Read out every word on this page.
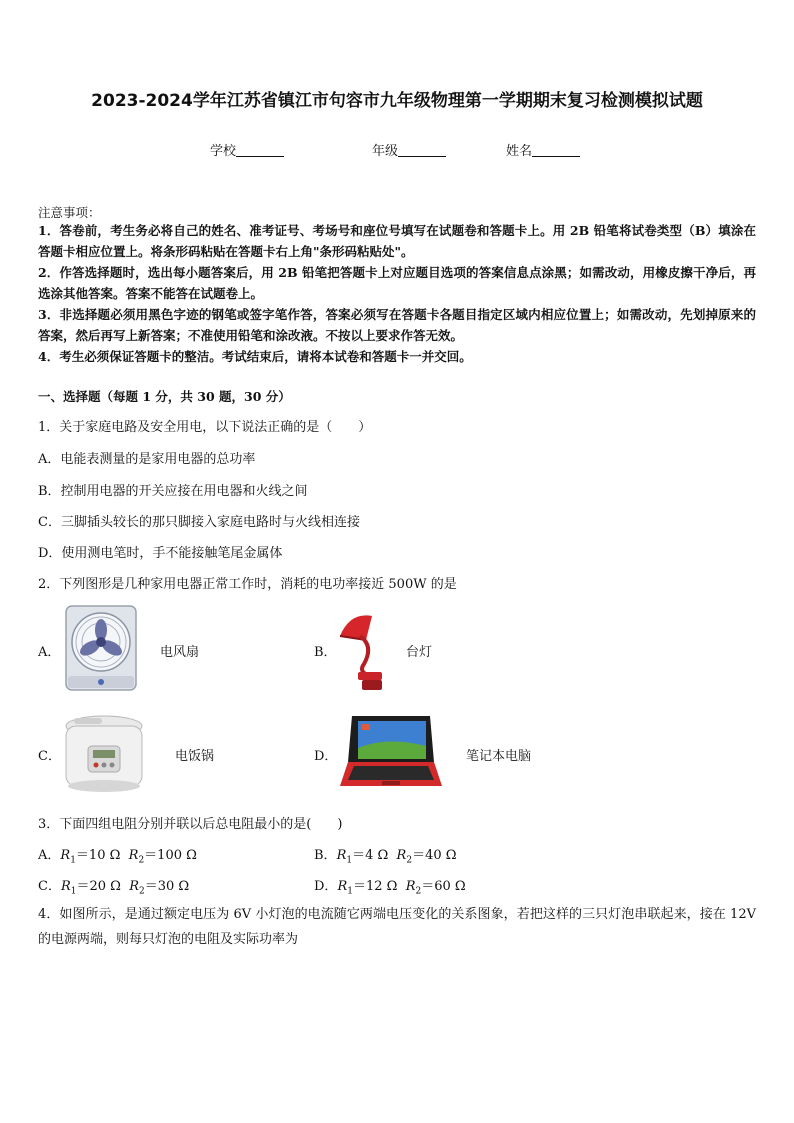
2023-2024学年江苏省镇江市句容市九年级物理第一学期期末复习检测模拟试题
学校	年级	姓名
注意事项：

1．答卷前，考生务必将自己的姓名、准考证号、考场号和座位号填写在试题卷和答题卡上。用 2B 铅笔将试卷类型（B）填涂在答题卡相应位置上。将条形码粘贴在答题卡右上角"条形码粘贴处"。

2．作答选择题时，选出每小题答案后，用 2B 铅笔把答题卡上对应题目选项的答案信息点涂黑；如需改动，用橡皮擦干净后，再选涂其他答案。答案不能答在试题卷上。

3．非选择题必须用黑色字迹的钢笔或签字笔作答，答案必须写在答题卡各题目指定区域内相应位置上；如需改动，先划掉原来的答案，然后再写上新答案；不准使用铅笔和涂改液。不按以上要求作答无效。

4．考生必须保证答题卡的整洁。考试结束后，请将本试卷和答题卡一并交回。

一、选择题（每题 1 分，共 30 题，30 分）
1．关于家庭电路及安全用电，以下说法正确的是（　　）
A．电能表测量的是家用电器的总功率
B．控制用电器的开关应接在用电器和火线之间
C．三脚插头较长的那只脚接入家庭电路时与火线相连接
D．使用测电笔时，手不能接触笔尾金属体
2．下列图形是几种家用电器正常工作时，消耗的电功率接近 500W 的是
A．	电风扇	B．	台灯
C．	电饭锅	D．	笔记本电脑
3．下面四组电阻分别并联以后总电阻最小的是(　　)
A．$R_1=10$ Ω $R_2=100$ Ω	B．$R_1=4$ Ω $R_2=40$ Ω
C．$R_1=20$ Ω $R_2=30$ Ω	D．$R_1=12$ Ω $R_2=60$ Ω
4．如图所示，是通过额定电压为 6V 小灯泡的电流随它两端电压变化的关系图象，若把这样的三只灯泡串联起来，接在 12V 的电源两端，则每只灯泡的电阻及实际功率为
